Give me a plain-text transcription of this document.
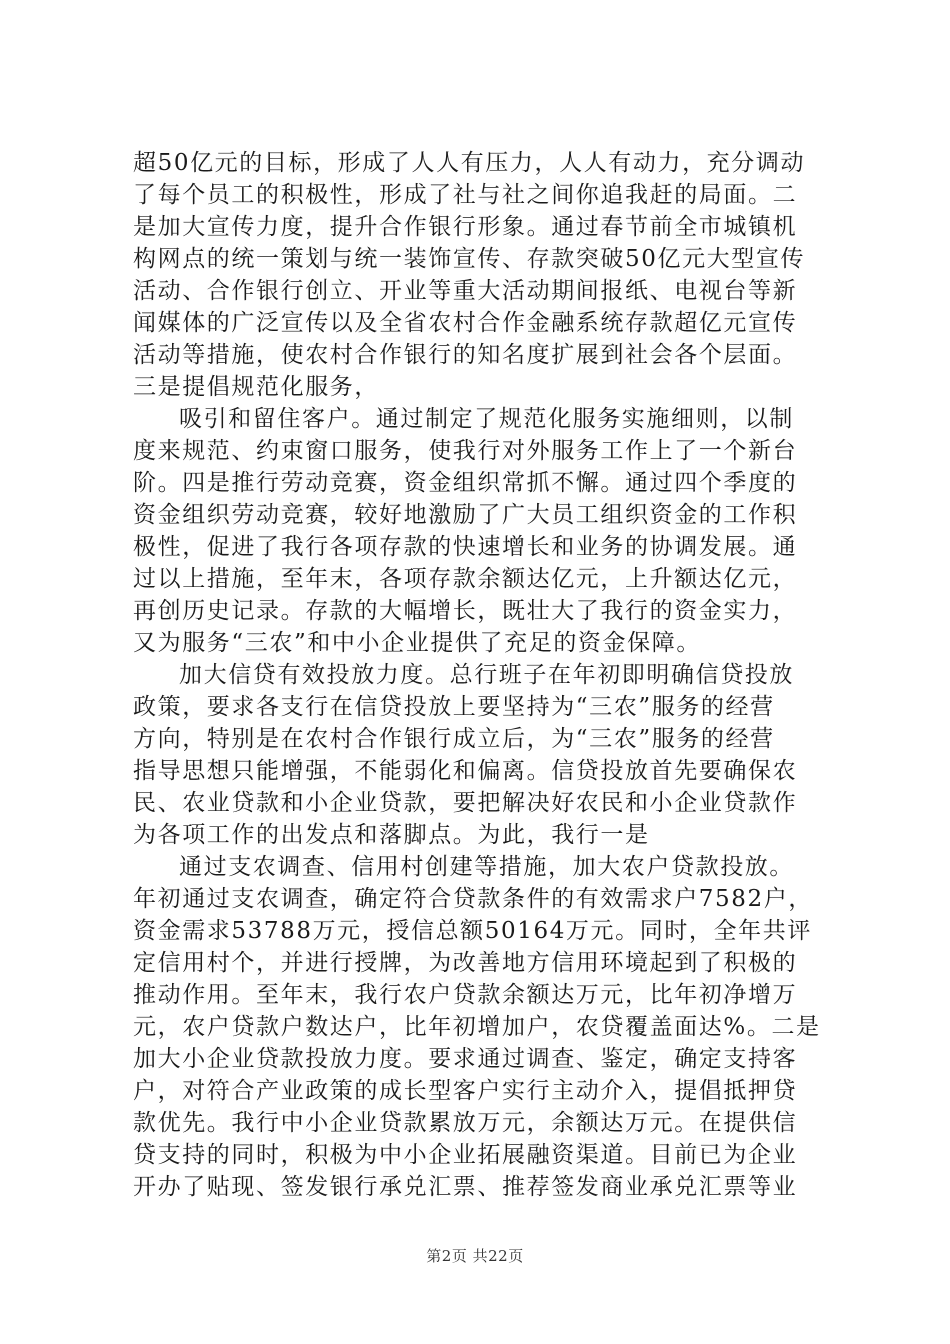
超50亿元的目标，形成了人人有压力，人人有动力，充分调动
了每个员工的积极性，形成了社与社之间你追我赶的局面。二
是加大宣传力度，提升合作银行形象。通过春节前全市城镇机
构网点的统一策划与统一装饰宣传、存款突破50亿元大型宣传
活动、合作银行创立、开业等重大活动期间报纸、电视台等新
闻媒体的广泛宣传以及全省农村合作金融系统存款超亿元宣传
活动等措施，使农村合作银行的知名度扩展到社会各个层面。
三是提倡规范化服务，
吸引和留住客户。通过制定了规范化服务实施细则，以制
度来规范、约束窗口服务，使我行对外服务工作上了一个新台
阶。四是推行劳动竞赛，资金组织常抓不懈。通过四个季度的
资金组织劳动竞赛，较好地激励了广大员工组织资金的工作积
极性，促进了我行各项存款的快速增长和业务的协调发展。通
过以上措施，至年末，各项存款余额达亿元，上升额达亿元，
再创历史记录。存款的大幅增长，既壮大了我行的资金实力，
又为服务“三农”和中小企业提供了充足的资金保障。
加大信贷有效投放力度。总行班子在年初即明确信贷投放
政策，要求各支行在信贷投放上要坚持为“三农”服务的经营
方向，特别是在农村合作银行成立后，为“三农”服务的经营
指导思想只能增强，不能弱化和偏离。信贷投放首先要确保农
民、农业贷款和小企业贷款，要把解决好农民和小企业贷款作
为各项工作的出发点和落脚点。为此，我行一是
通过支农调查、信用村创建等措施，加大农户贷款投放。
年初通过支农调查，确定符合贷款条件的有效需求户7582户，
资金需求53788万元，授信总额50164万元。同时，全年共评
定信用村个，并进行授牌，为改善地方信用环境起到了积极的
推动作用。至年末，我行农户贷款余额达万元，比年初净增万
元，农户贷款户数达户，比年初增加户，农贷覆盖面达%。二是
加大小企业贷款投放力度。要求通过调查、鉴定，确定支持客
户，对符合产业政策的成长型客户实行主动介入，提倡抵押贷
款优先。我行中小企业贷款累放万元，余额达万元。在提供信
贷支持的同时，积极为中小企业拓展融资渠道。目前已为企业
开办了贴现、签发银行承兑汇票、推荐签发商业承兑汇票等业
第2页 共22页
